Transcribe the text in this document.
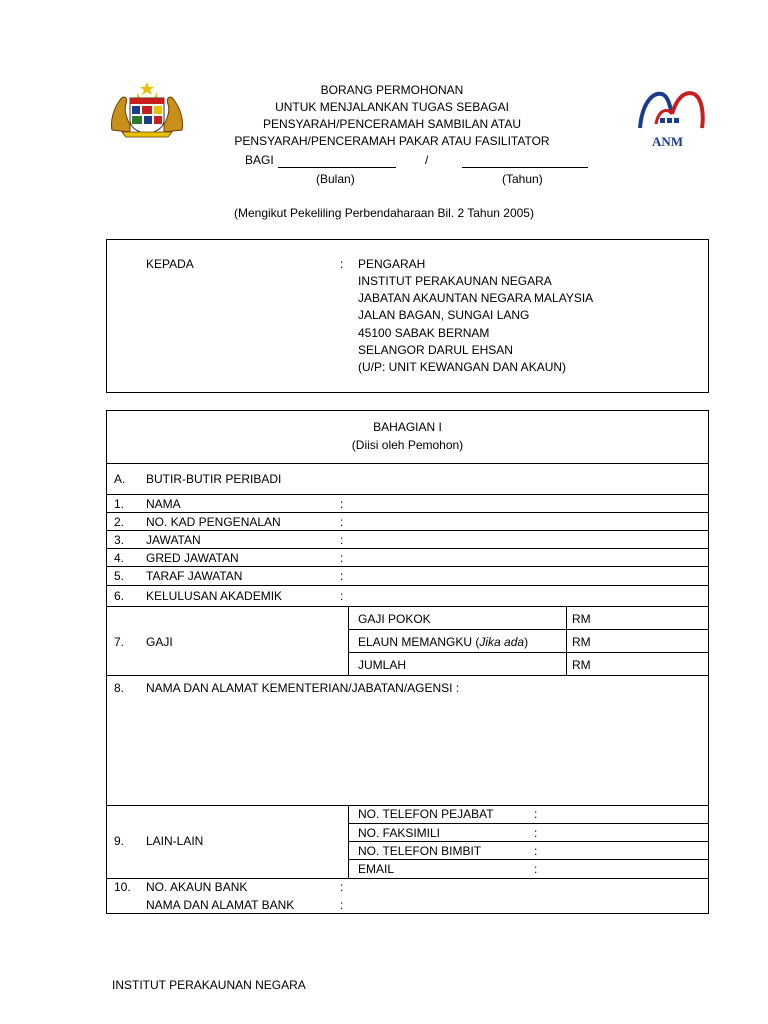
BORANG PERMOHONAN
UNTUK MENJALANKAN TUGAS SEBAGAI
PENSYARAH/PENCERAMAH SAMBILAN ATAU
PENSYARAH/PENCERAMAH PAKAR ATAU FASILITATOR
BAGI	/
(Bulan)	(Tahun)
(Mengikut Pekeliling Perbendaharaan Bil. 2 Tahun 2005)
ANM
KEPADA	: PENGARAH
INSTITUT PERAKAUNAN NEGARA
JABATAN AKAUNTAN NEGARA MALAYSIA
JALAN BAGAN, SUNGAI LANG
45100 SABAK BERNAM
SELANGOR DARUL EHSAN
(U/P: UNIT KEWANGAN DAN AKAUN)
BAHAGIAN I
(Diisi oleh Pemohon)
A. BUTIR-BUTIR PERIBADI
1. NAMA	:
2. NO. KAD PENGENALAN	:
3. JAWATAN	:
4. GRED JAWATAN	:
5. TARAF JAWATAN	:
6. KELULUSAN AKADEMIK	:
7. GAJI
GAJI POKOK	RM
ELAUN MEMANGKU (Jika ada)	RM
JUMLAH	RM
8. NAMA DAN ALAMAT KEMENTERIAN/JABATAN/AGENSI :
9. LAIN-LAIN
NO. TELEFON PEJABAT	:
NO. FAKSIMILI	:
NO. TELEFON BIMBIT	:
EMAIL	:
10. NO. AKAUN BANK	:
NAMA DAN ALAMAT BANK	:
INSTITUT PERAKAUNAN NEGARA
